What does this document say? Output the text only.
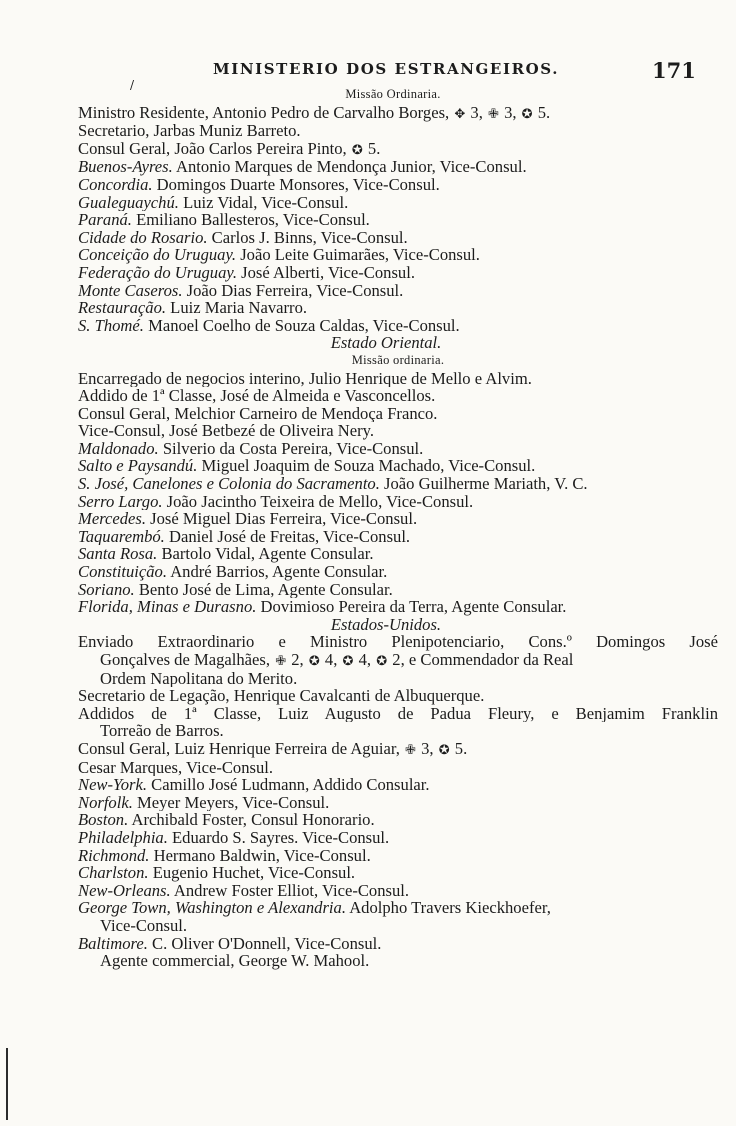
/
MINISTERIO DOS ESTRANGEIROS.	171
Missão Ordinaria.
Ministro Residente, Antonio Pedro de Carvalho Borges, ✥ 3, ✙ 3, ✪ 5.
Secretario, Jarbas Muniz Barreto.
Consul Geral, João Carlos Pereira Pinto, ✪ 5.
Buenos-Ayres. Antonio Marques de Mendonça Junior, Vice-Consul.
Concordia. Domingos Duarte Monsores, Vice-Consul.
Gualeguaychú. Luiz Vidal, Vice-Consul.
Paraná. Emiliano Ballesteros, Vice-Consul.
Cidade do Rosario. Carlos J. Binns, Vice-Consul.
Conceição do Uruguay. João Leite Guimarães, Vice-Consul.
Federação do Uruguay. José Alberti, Vice-Consul.
Monte Caseros. João Dias Ferreira, Vice-Consul.
Restauração. Luiz Maria Navarro.
S. Thomé. Manoel Coelho de Souza Caldas, Vice-Consul.
Estado Oriental.
Missão ordinaria.
Encarregado de negocios interino, Julio Henrique de Mello e Alvim.
Addido de 1ª Classe, José de Almeida e Vasconcellos.
Consul Geral, Melchior Carneiro de Mendoça Franco.
Vice-Consul, José Betbezé de Oliveira Nery.
Maldonado. Silverio da Costa Pereira, Vice-Consul.
Salto e Paysandú. Miguel Joaquim de Souza Machado, Vice-Consul.
S. José, Canelones e Colonia do Sacramento. João Guilherme Mariath, V. C.
Serro Largo. João Jacintho Teixeira de Mello, Vice-Consul.
Mercedes. José Miguel Dias Ferreira, Vice-Consul.
Taquarembó. Daniel José de Freitas, Vice-Consul.
Santa Rosa. Bartolo Vidal, Agente Consular.
Constituição. André Barrios, Agente Consular.
Soriano. Bento José de Lima, Agente Consular.
Florida, Minas e Durasno. Dovimioso Pereira da Terra, Agente Consular.
Estados-Unidos.
Enviado Extraordinario e Ministro Plenipotenciario, Cons.º Domingos José
Gonçalves de Magalhães, ✙ 2, ✪ 4, ✪ 4, ✪ 2, e Commendador da Real
Ordem Napolitana do Merito.
Secretario de Legação, Henrique Cavalcanti de Albuquerque.
Addidos de 1ª Classe, Luiz Augusto de Padua Fleury, e Benjamim Franklin
Torreão de Barros.
Consul Geral, Luiz Henrique Ferreira de Aguiar, ✙ 3, ✪ 5.
Cesar Marques, Vice-Consul.
New-York. Camillo José Ludmann, Addido Consular.
Norfolk. Meyer Meyers, Vice-Consul.
Boston. Archibald Foster, Consul Honorario.
Philadelphia. Eduardo S. Sayres. Vice-Consul.
Richmond. Hermano Baldwin, Vice-Consul.
Charlston. Eugenio Huchet, Vice-Consul.
New-Orleans. Andrew Foster Elliot, Vice-Consul.
George Town, Washington e Alexandria. Adolpho Travers Kieckhoefer,
Vice-Consul.
Baltimore. C. Oliver O'Donnell, Vice-Consul.
Agente commercial, George W. Mahool.
